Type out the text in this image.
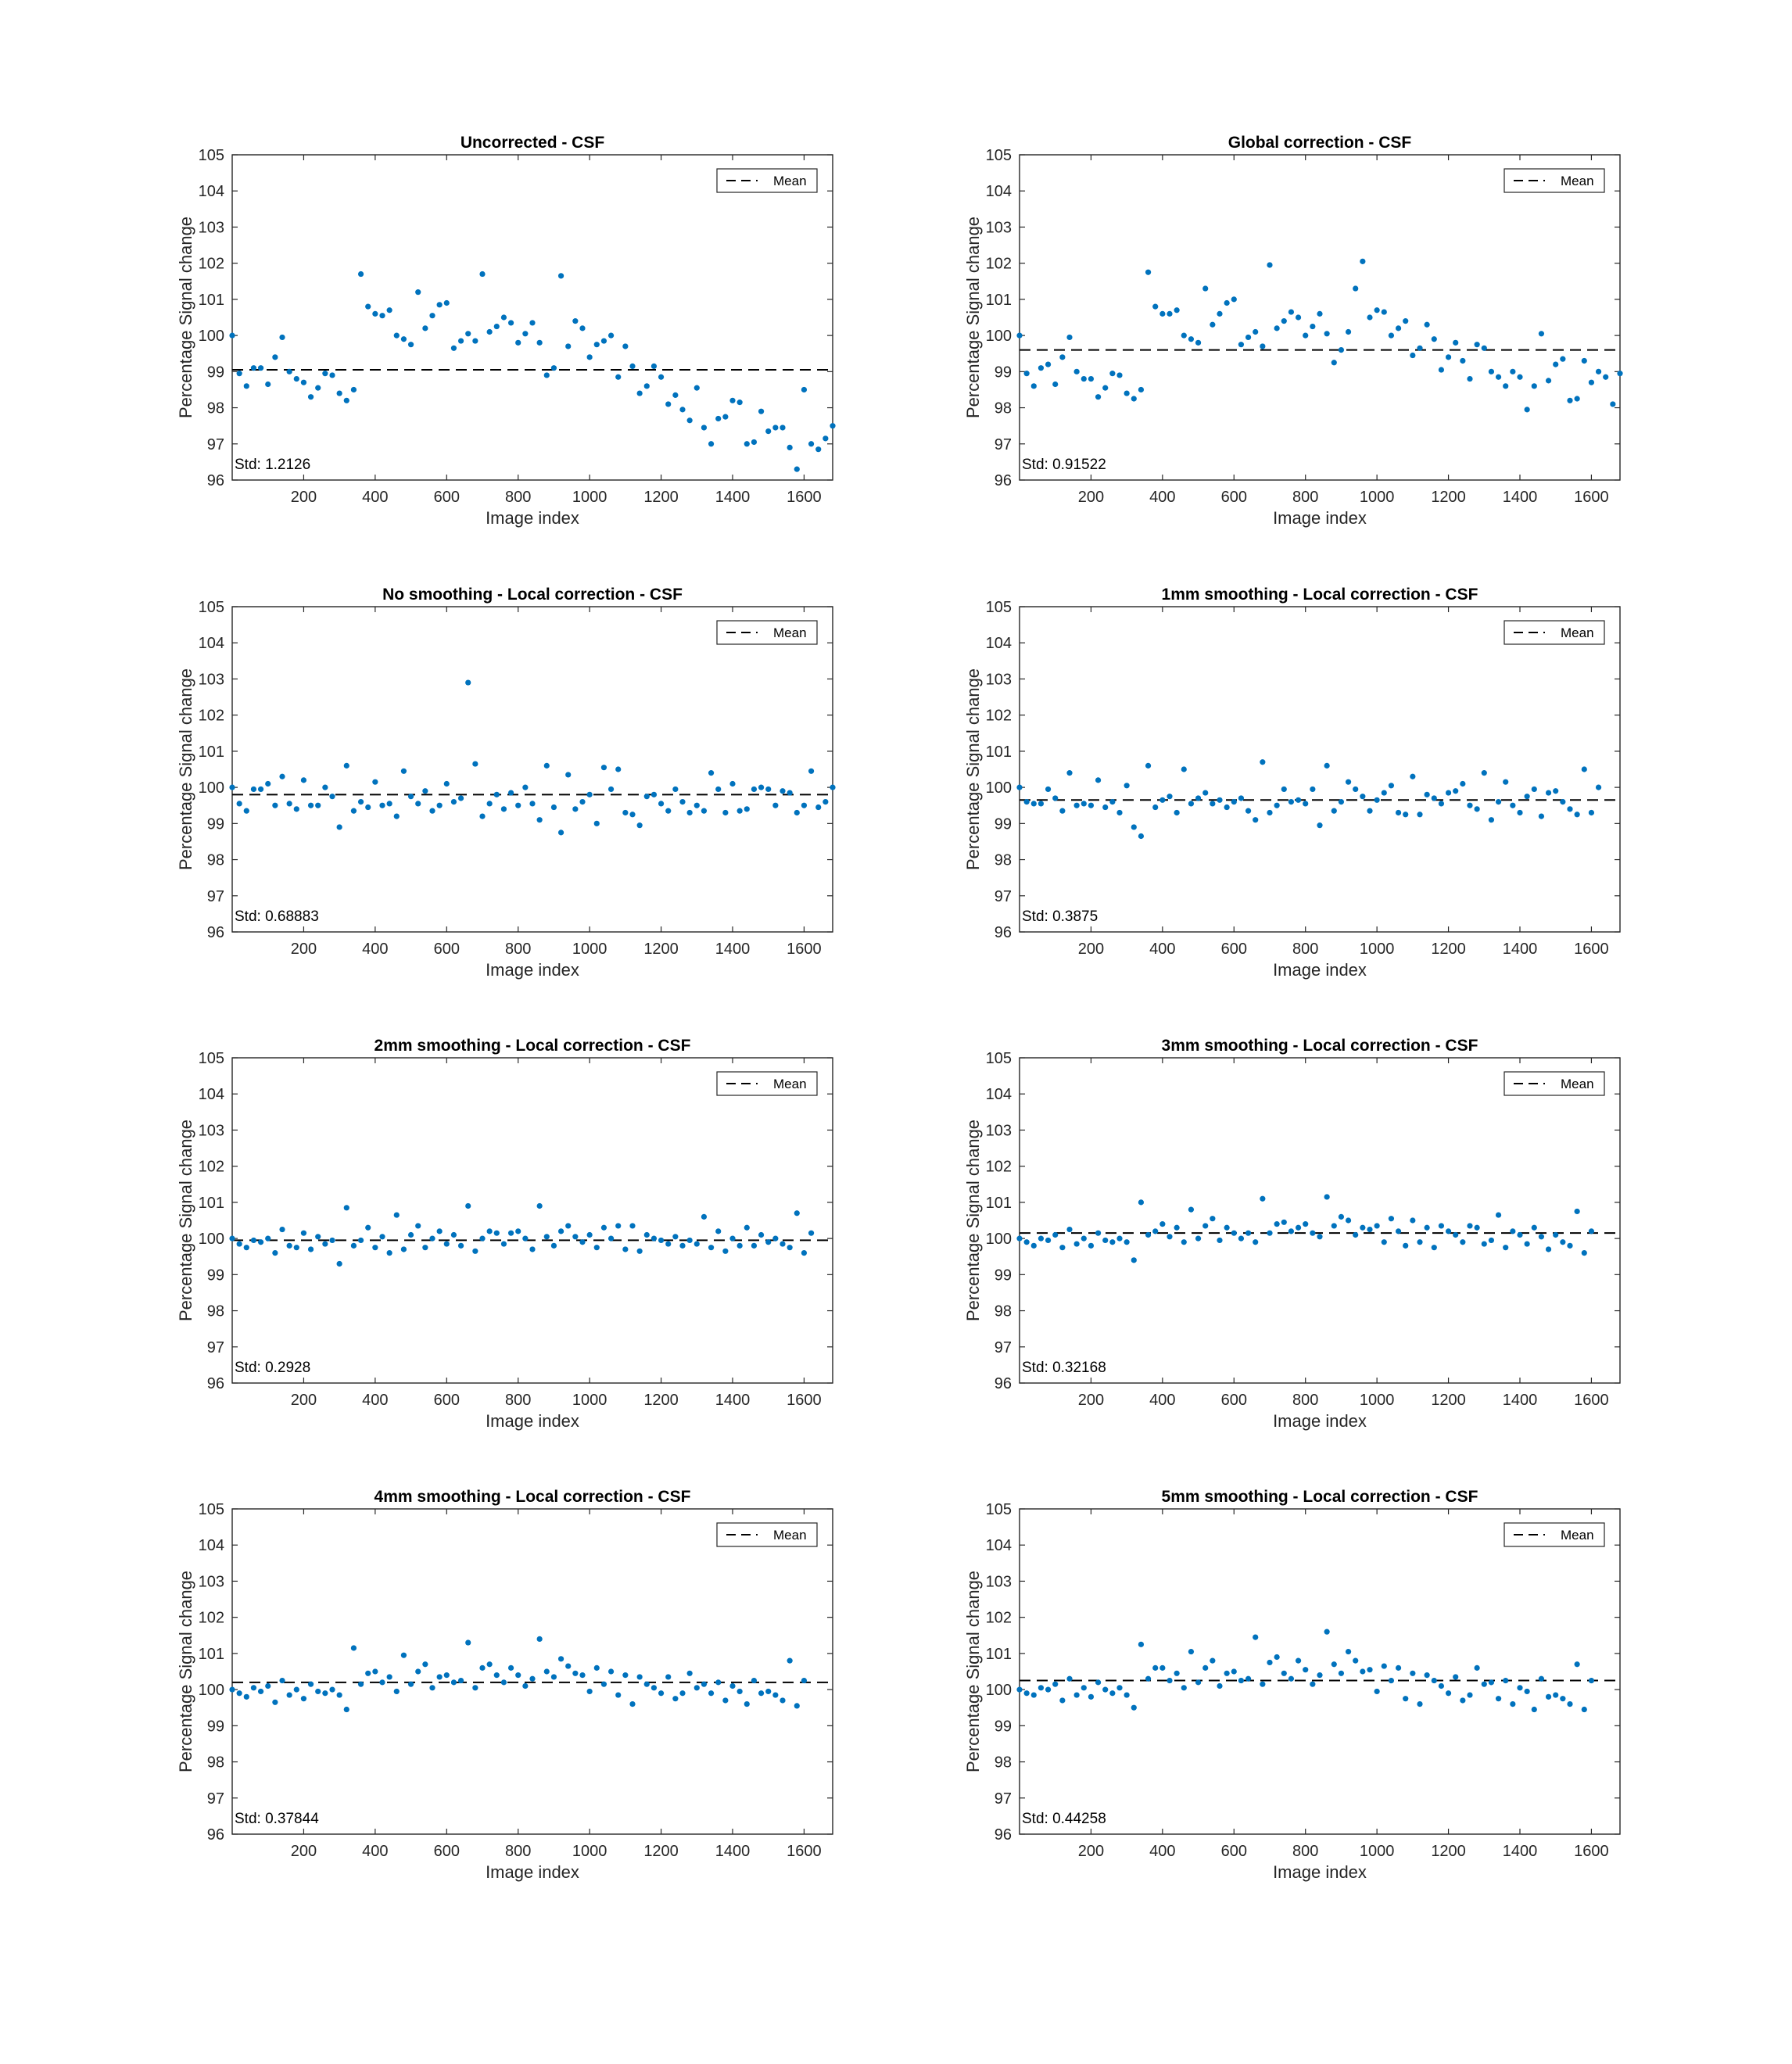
96
97
98
99
100
101
102
103
104
105
200	400	600	800	1000 1200 1400 1600
Uncorrected - CSF
Image index
Percentage Signal change
Std: 1.2126
Mean
96
97
98
99
100
101
102
103
104
105
200	400	600	800	1000 1200 1400 1600
Global correction - CSF
Image index
Percentage Signal change
Std: 0.91522
Mean
96
97
98
99
100
101
102
103
104
105
200	400	600	800	1000 1200 1400 1600
No smoothing - Local correction - CSF
Image index
Percentage Signal change
Std: 0.68883
Mean
96
97
98
99
100
101
102
103
104
105
200	400	600	800	1000 1200 1400 1600
1mm smoothing - Local correction - CSF
Image index
Percentage Signal change
Std: 0.3875
Mean
96
97
98
99
100
101
102
103
104
105
200	400	600	800	1000 1200 1400 1600
2mm smoothing - Local correction - CSF
Image index
Percentage Signal change
Std: 0.2928
Mean
96
97
98
99
100
101
102
103
104
105
200	400	600	800	1000 1200 1400 1600
3mm smoothing - Local correction - CSF
Image index
Percentage Signal change
Std: 0.32168
Mean
96
97
98
99
100
101
102
103
104
105
200	400	600	800	1000 1200 1400 1600
4mm smoothing - Local correction - CSF
Image index
Percentage Signal change
Std: 0.37844
Mean
96
97
98
99
100
101
102
103
104
105
200	400	600	800	1000 1200 1400 1600
5mm smoothing - Local correction - CSF
Image index
Percentage Signal change
Std: 0.44258
Mean
